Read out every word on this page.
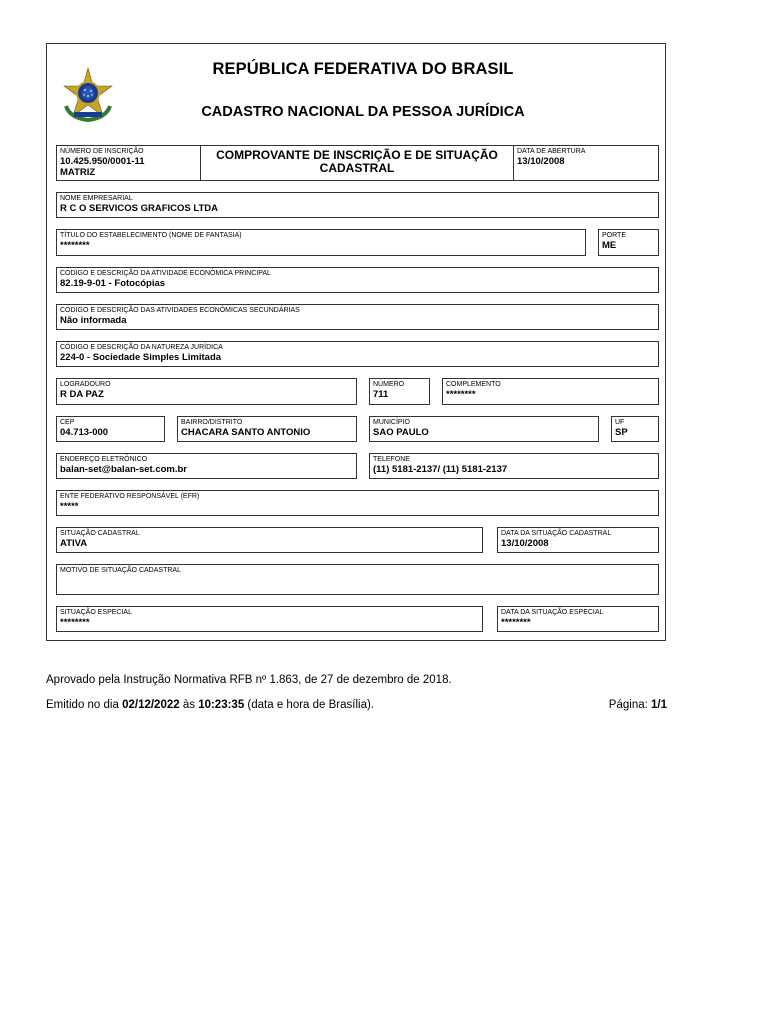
REPÚBLICA FEDERATIVA DO BRASIL
CADASTRO NACIONAL DA PESSOA JURÍDICA
NÚMERO DE INSCRIÇÃO
10.425.950/0001-11
MATRIZ
COMPROVANTE DE INSCRIÇÃO E DE SITUAÇÃO CADASTRAL
DATA DE ABERTURA
13/10/2008
NOME EMPRESARIAL
R C O SERVICOS GRAFICOS LTDA
TÍTULO DO ESTABELECIMENTO (NOME DE FANTASIA)
********
PORTE
ME
CÓDIGO E DESCRIÇÃO DA ATIVIDADE ECONÔMICA PRINCIPAL
82.19-9-01 - Fotocópias
CÓDIGO E DESCRIÇÃO DAS ATIVIDADES ECONÔMICAS SECUNDÁRIAS
Não informada
CÓDIGO E DESCRIÇÃO DA NATUREZA JURÍDICA
224-0 - Sociedade Simples Limitada
LOGRADOURO
R DA PAZ
NÚMERO
711
COMPLEMENTO
********
CEP
04.713-000
BAIRRO/DISTRITO
CHACARA SANTO ANTONIO
MUNICÍPIO
SAO PAULO
UF
SP
ENDEREÇO ELETRÔNICO
balan-set@balan-set.com.br
TELEFONE
(11) 5181-2137/ (11) 5181-2137
ENTE FEDERATIVO RESPONSÁVEL (EFR)
*****
SITUAÇÃO CADASTRAL
ATIVA
DATA DA SITUAÇÃO CADASTRAL
13/10/2008
MOTIVO DE SITUAÇÃO CADASTRAL
SITUAÇÃO ESPECIAL
********
DATA DA SITUAÇÃO ESPECIAL
********
Aprovado pela Instrução Normativa RFB nº 1.863, de 27 de dezembro de 2018.
Emitido no dia 02/12/2022 às 10:23:35 (data e hora de Brasília).	Página: 1/1
